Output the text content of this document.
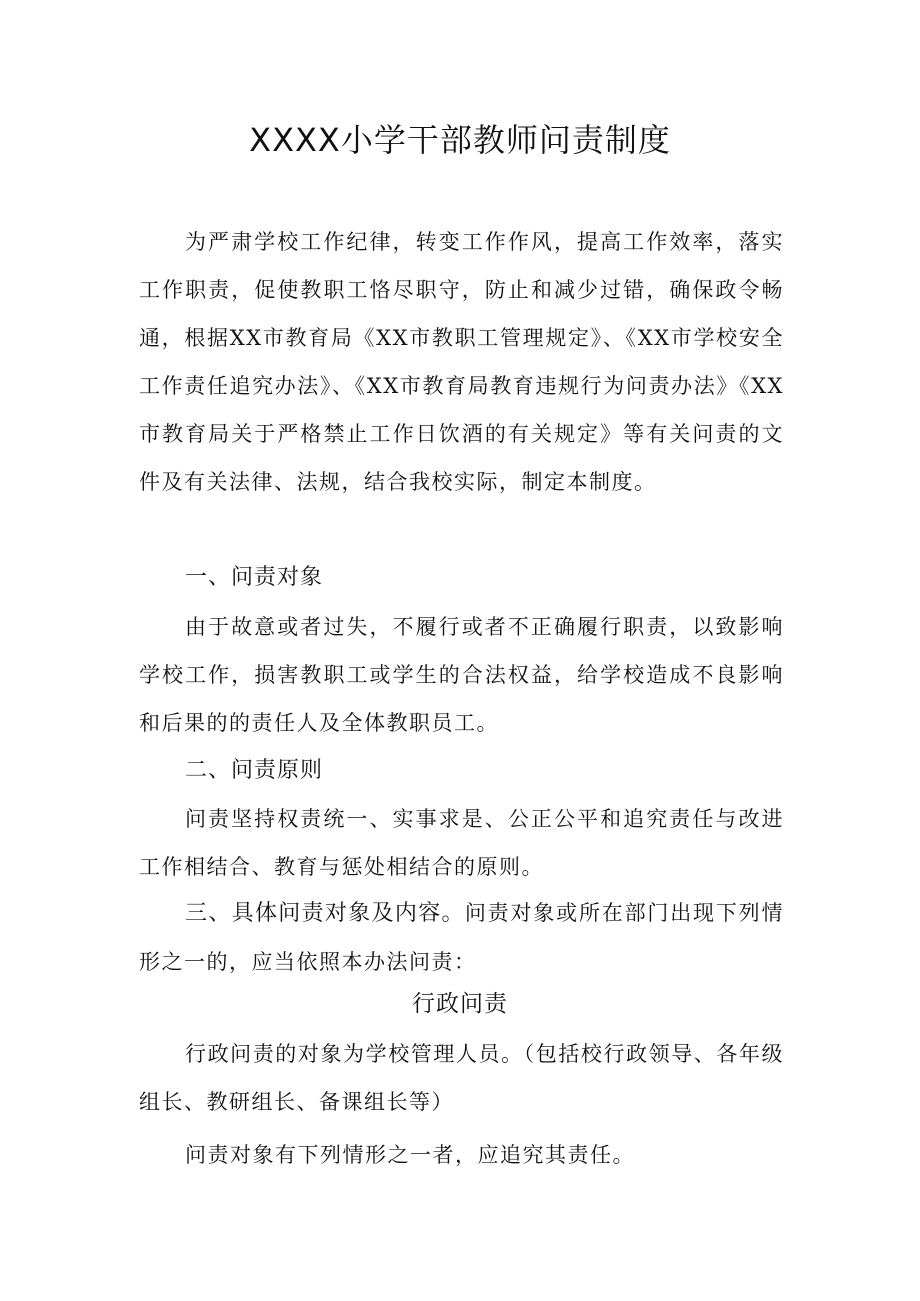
XXXX小学干部教师问责制度

为严肃学校工作纪律，转变工作作风，提高工作效率，落实工作职责，促使教职工恪尽职守，防止和减少过错，确保政令畅通，根据XX市教育局《XX市教职工管理规定》、《XX市学校安全工作责任追究办法》、《XX市教育局教育违规行为问责办法》《XX市教育局关于严格禁止工作日饮酒的有关规定》等有关问责的文件及有关法律、法规，结合我校实际，制定本制度。

一、问责对象

由于故意或者过失，不履行或者不正确履行职责，以致影响学校工作，损害教职工或学生的合法权益，给学校造成不良影响和后果的的责任人及全体教职员工。

二、问责原则

问责坚持权责统一、实事求是、公正公平和追究责任与改进工作相结合、教育与惩处相结合的原则。

三、具体问责对象及内容。问责对象或所在部门出现下列情形之一的，应当依照本办法问责：

行政问责

行政问责的对象为学校管理人员。（包括校行政领导、各年级组长、教研组长、备课组长等）

问责对象有下列情形之一者，应追究其责任。
